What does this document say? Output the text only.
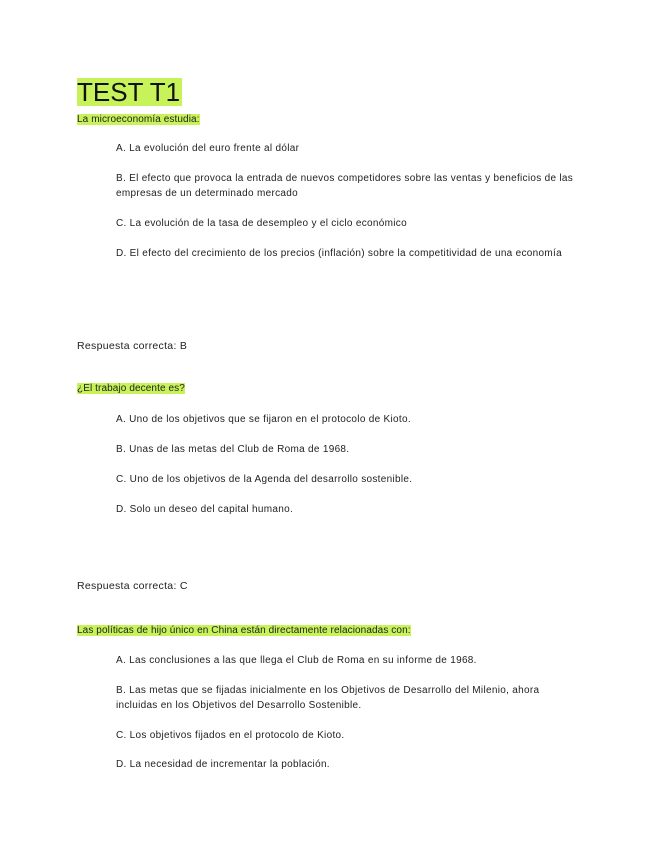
TEST T1
La microeconomía estudia:
A. La evolución del euro frente al dólar
B. El efecto que provoca la entrada de nuevos competidores sobre las ventas y beneficios de las empresas de un determinado mercado
C. La evolución de la tasa de desempleo y el ciclo económico
D. El efecto del crecimiento de los precios (inflación) sobre la competitividad de una economía
Respuesta correcta: B
¿El trabajo decente es?
A. Uno de los objetivos que se fijaron en el protocolo de Kioto.
B. Unas de las metas del Club de Roma de 1968.
C. Uno de los objetivos de la Agenda del desarrollo sostenible.
D. Solo un deseo del capital humano.
Respuesta correcta: C
Las políticas de hijo único en China están directamente relacionadas con:
A. Las conclusiones a las que llega el Club de Roma en su informe de 1968.
B. Las metas que se fijadas inicialmente en los Objetivos de Desarrollo del Milenio, ahora incluidas en los Objetivos del Desarrollo Sostenible.
C. Los objetivos fijados en el protocolo de Kioto.
D. La necesidad de incrementar la población.
